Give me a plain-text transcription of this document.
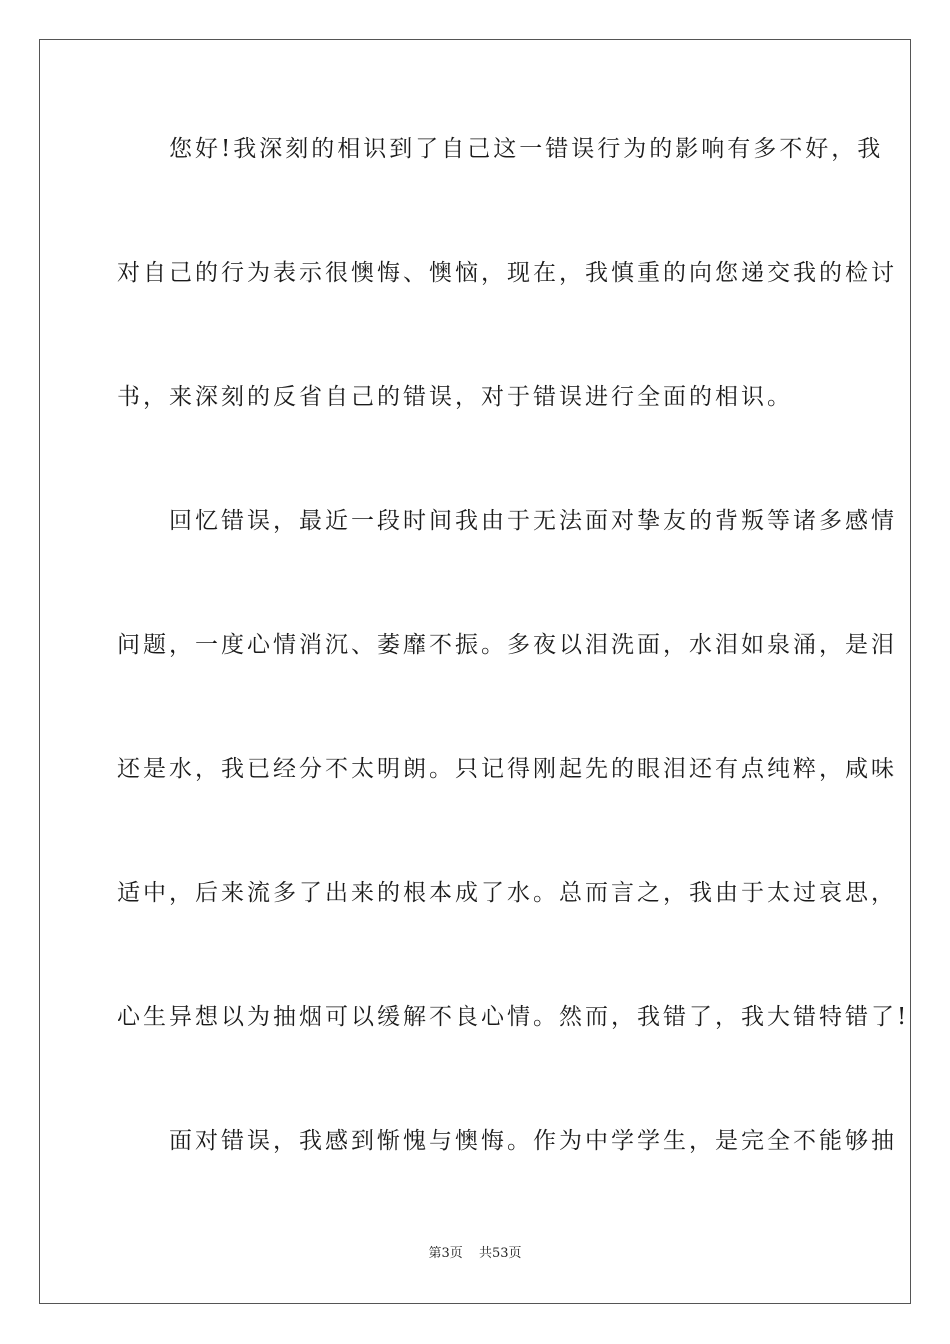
　　您好!我深刻的相识到了自己这一错误行为的影响有多不好，我
对自己的行为表示很懊悔、懊恼，现在，我慎重的向您递交我的检讨
书，来深刻的反省自己的错误，对于错误进行全面的相识。
　　回忆错误，最近一段时间我由于无法面对挚友的背叛等诸多感情
问题，一度心情消沉、萎靡不振。多夜以泪洗面，水泪如泉涌，是泪
还是水，我已经分不太明朗。只记得刚起先的眼泪还有点纯粹，咸味
适中，后来流多了出来的根本成了水。总而言之，我由于太过哀思，
心生异想以为抽烟可以缓解不良心情。然而，我错了，我大错特错了!
　　面对错误，我感到惭愧与懊悔。作为中学学生，是完全不能够抽
第3页 共53页
